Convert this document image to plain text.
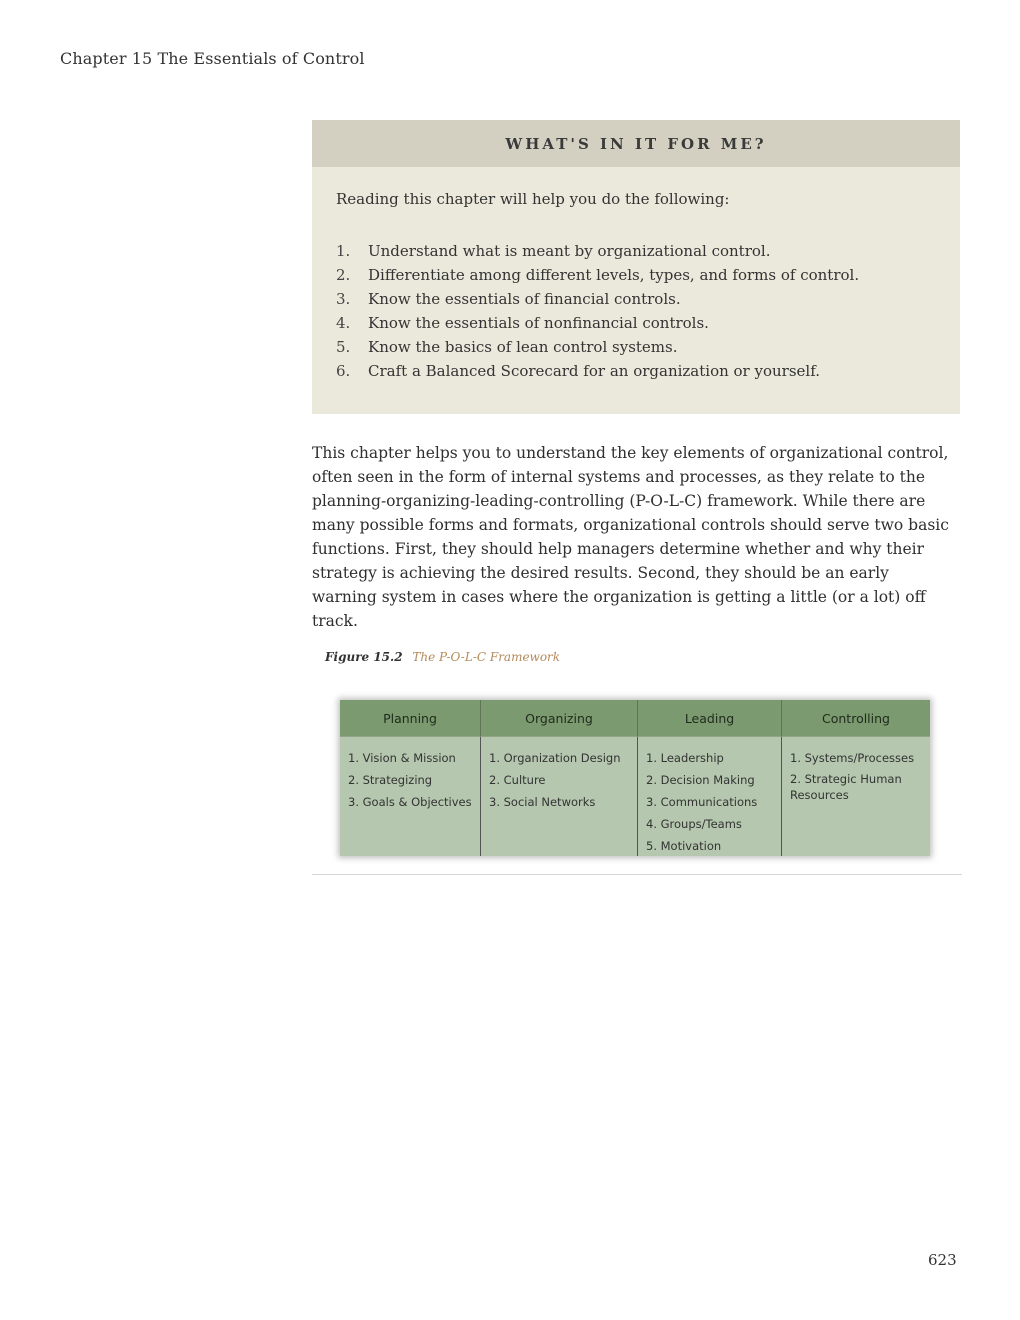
Chapter 15 The Essentials of Control
WHAT'S IN IT FOR ME?
Reading this chapter will help you do the following:
1.	Understand what is meant by organizational control.
2.	Differentiate among different levels, types, and forms of control.
3.	Know the essentials of financial controls.
4.	Know the essentials of nonfinancial controls.
5.	Know the basics of lean control systems.
6.	Craft a Balanced Scorecard for an organization or yourself.

This chapter helps you to understand the key elements of organizational control, often seen in the form of internal systems and processes, as they relate to the planning-organizing-leading-controlling (P-O-L-C) framework. While there are many possible forms and formats, organizational controls should serve two basic functions. First, they should help managers determine whether and why their strategy is achieving the desired results. Second, they should be an early warning system in cases where the organization is getting a little (or a lot) off track.

Figure 15.2 The P-O-L-C Framework
Planning
1. Vision & Mission
2. Strategizing
3. Goals & Objectives
Organizing
1. Organization Design
2. Culture
3. Social Networks
Leading
1. Leadership
2. Decision Making
3. Communications
4. Groups/Teams
5. Motivation
Controlling
1. Systems/Processes
2. Strategic Human Resources
623
